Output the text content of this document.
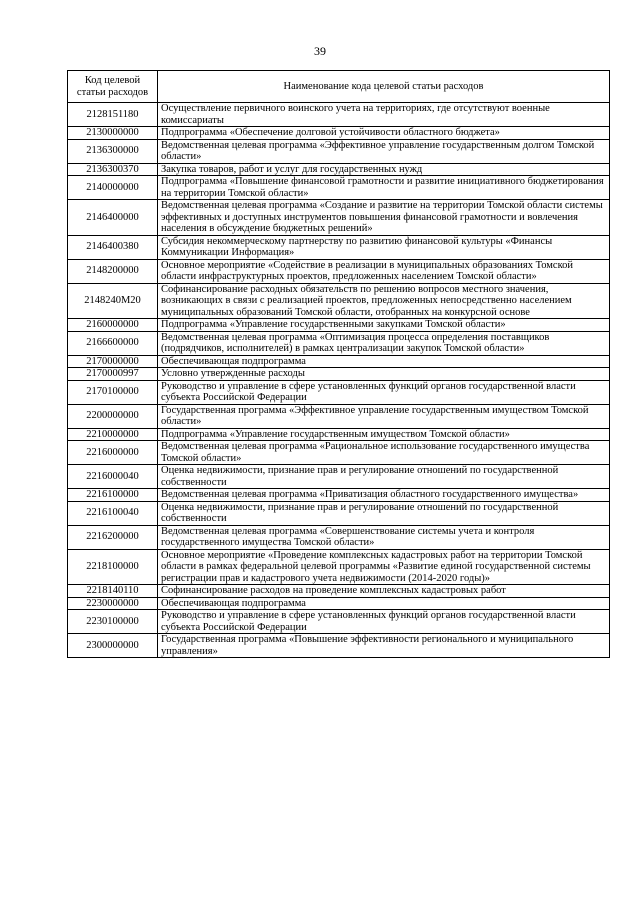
39
Код целевой статьи расходов	Наименование кода целевой статьи расходов
2128151180	Осуществление первичного воинского учета на территориях, где отсутствуют военные комиссариаты
2130000000	Подпрограмма «Обеспечение долговой устойчивости областного бюджета»
2136300000	Ведомственная целевая программа «Эффективное управление государственным долгом Томской области»
2136300370	Закупка товаров, работ и услуг для государственных нужд
2140000000	Подпрограмма «Повышение финансовой грамотности и развитие инициативного бюджетирования на территории Томской области»
2146400000	Ведомственная целевая программа «Создание и развитие на территории Томской области системы эффективных и доступных инструментов повышения финансовой грамотности и вовлечения населения в обсуждение бюджетных решений»
2146400380	Субсидия некоммерческому партнерству по развитию финансовой культуры «Финансы Коммуникации Информация»
2148200000	Основное мероприятие «Содействие в реализации в муниципальных образованиях Томской области инфраструктурных проектов, предложенных населением Томской области»
2148240M20	Софинансирование расходных обязательств по решению вопросов местного значения, возникающих в связи с реализацией проектов, предложенных непосредственно населением муниципальных образований Томской области, отобранных на конкурсной основе
2160000000	Подпрограмма «Управление государственными закупками Томской области»
2166600000	Ведомственная целевая программа «Оптимизация процесса определения поставщиков (подрядчиков, исполнителей) в рамках централизации закупок Томской области»
2170000000	Обеспечивающая подпрограмма
2170000997	Условно утвержденные расходы
2170100000	Руководство и управление в сфере установленных функций органов государственной власти субъекта Российской Федерации
2200000000	Государственная программа «Эффективное управление государственным имуществом Томской области»
2210000000	Подпрограмма «Управление государственным имуществом Томской области»
2216000000	Ведомственная целевая программа «Рациональное использование государственного имущества Томской области»
2216000040	Оценка недвижимости, признание прав и регулирование отношений по государственной собственности
2216100000	Ведомственная целевая программа «Приватизация областного государственного имущества»
2216100040	Оценка недвижимости, признание прав и регулирование отношений по государственной собственности
2216200000	Ведомственная целевая программа «Совершенствование системы учета и контроля государственного имущества Томской области»
2218100000	Основное мероприятие «Проведение комплексных кадастровых работ на территории Томской области в рамках федеральной целевой программы «Развитие единой государственной системы регистрации прав и кадастрового учета недвижимости (2014-2020 годы)»
2218140110	Софинансирование расходов на проведение комплексных кадастровых работ
2230000000	Обеспечивающая подпрограмма
2230100000	Руководство и управление в сфере установленных функций органов государственной власти субъекта Российской Федерации
2300000000	Государственная программа «Повышение эффективности регионального и муниципального управления»
